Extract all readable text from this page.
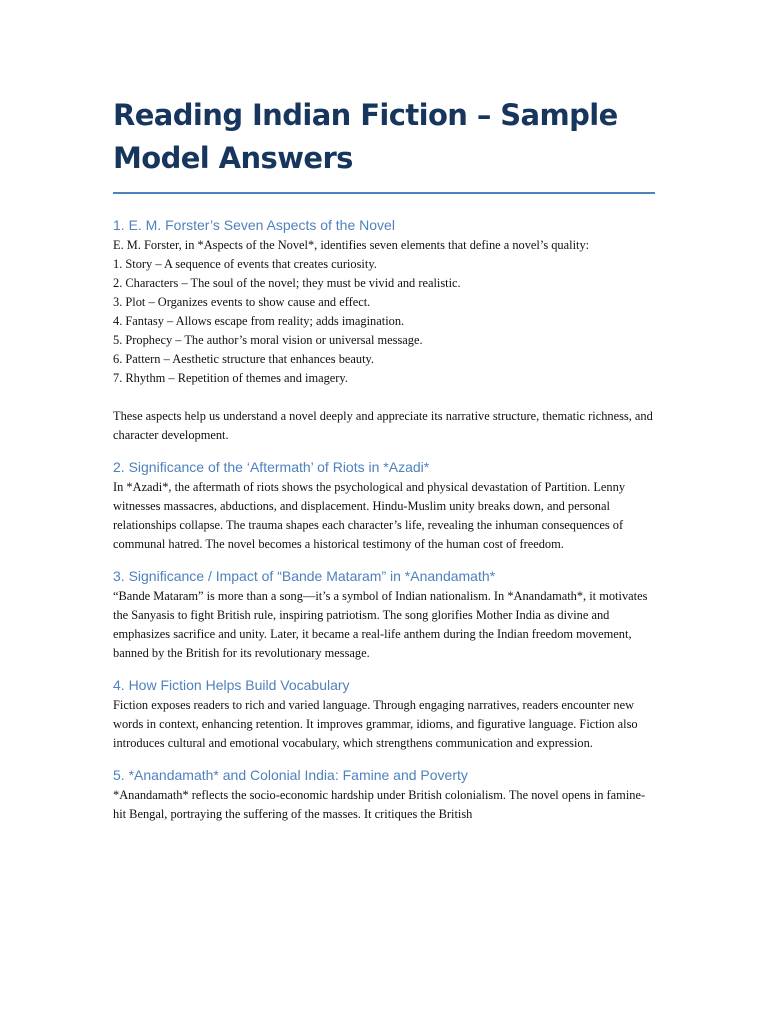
Reading Indian Fiction – Sample Model Answers
1. E. M. Forster’s Seven Aspects of the Novel

E. M. Forster, in *Aspects of the Novel*, identifies seven elements that define a novel’s quality:

1. Story – A sequence of events that creates curiosity.
2. Characters – The soul of the novel; they must be vivid and realistic.
3. Plot – Organizes events to show cause and effect.
4. Fantasy – Allows escape from reality; adds imagination.
5. Prophecy – The author’s moral vision or universal message.
6. Pattern – Aesthetic structure that enhances beauty.
7. Rhythm – Repetition of themes and imagery.

These aspects help us understand a novel deeply and appreciate its narrative structure, thematic richness, and character development.

2. Significance of the ‘Aftermath’ of Riots in *Azadi*

In *Azadi*, the aftermath of riots shows the psychological and physical devastation of Partition. Lenny witnesses massacres, abductions, and displacement. Hindu-Muslim unity breaks down, and personal relationships collapse. The trauma shapes each character’s life, revealing the inhuman consequences of communal hatred. The novel becomes a historical testimony of the human cost of freedom.

3. Significance / Impact of “Bande Mataram” in *Anandamath*

“Bande Mataram” is more than a song—it’s a symbol of Indian nationalism. In *Anandamath*, it motivates the Sanyasis to fight British rule, inspiring patriotism. The song glorifies Mother India as divine and emphasizes sacrifice and unity. Later, it became a real-life anthem during the Indian freedom movement, banned by the British for its revolutionary message.

4. How Fiction Helps Build Vocabulary

Fiction exposes readers to rich and varied language. Through engaging narratives, readers encounter new words in context, enhancing retention. It improves grammar, idioms, and figurative language. Fiction also introduces cultural and emotional vocabulary, which strengthens communication and expression.

5. *Anandamath* and Colonial India: Famine and Poverty

*Anandamath* reflects the socio-economic hardship under British colonialism. The novel opens in famine-hit Bengal, portraying the suffering of the masses. It critiques the British
